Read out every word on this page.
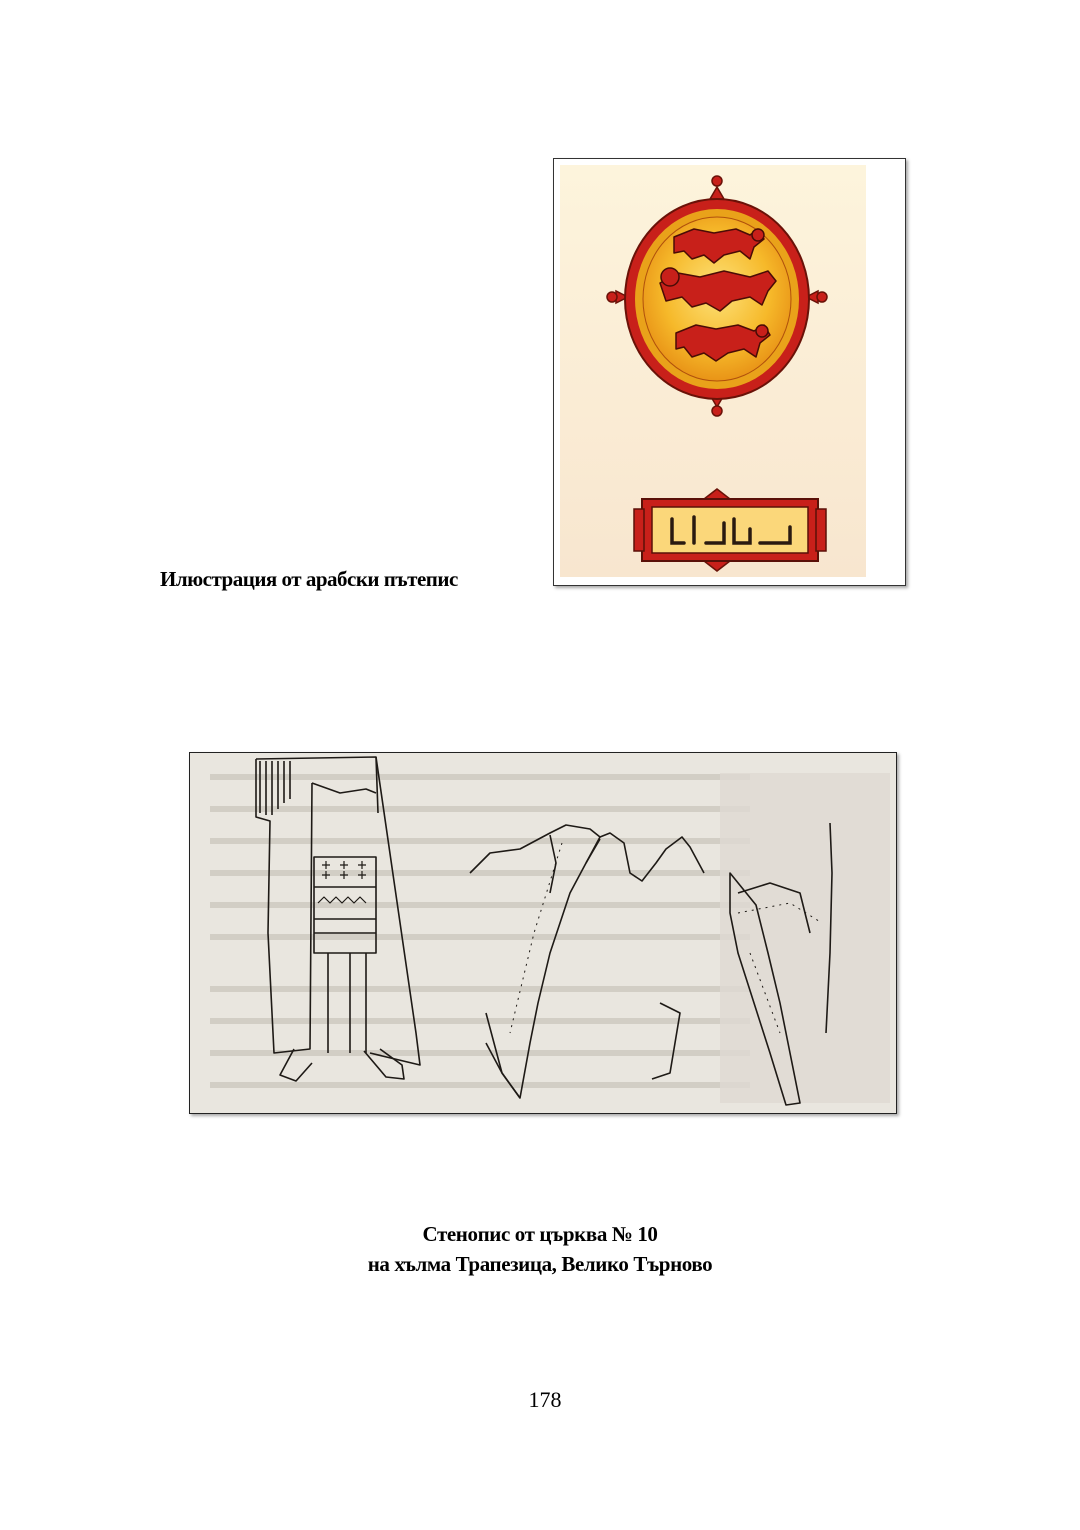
Илюстрация от арабски пътепис
Стенопис от църква № 10
на хълма Трапезица, Велико Търново
178
